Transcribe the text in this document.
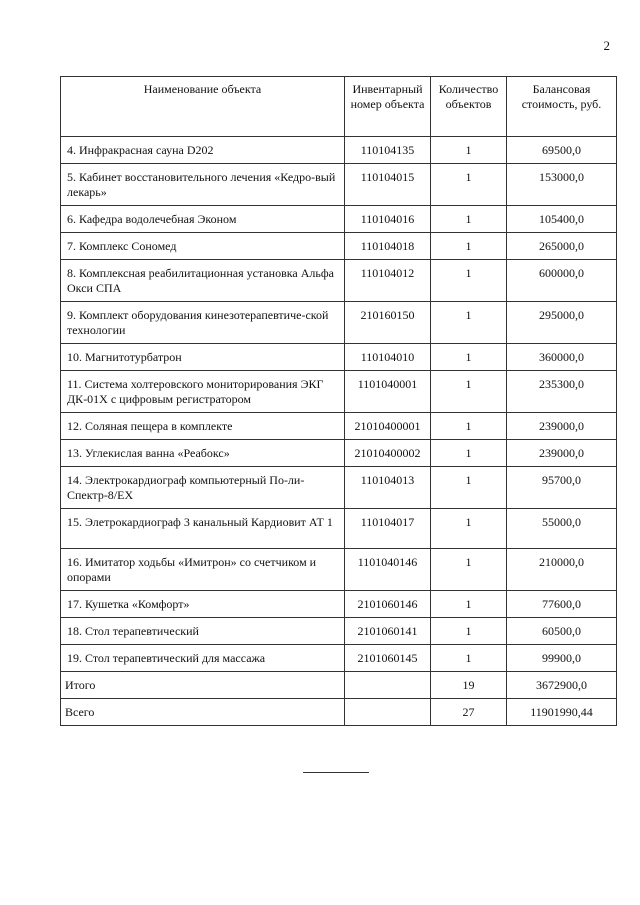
2
Наименование объекта	Инвентарный номер объекта	Количество объектов	Балансовая стоимость, руб.

4. Инфракрасная сауна D202	110104135	1	69500,0

5. Кабинет восстановительного лечения «Кедро-вый лекарь»	110104015	1	153000,0

6. Кафедра водолечебная Эконом	110104016	1	105400,0

7. Комплекс Сономед	110104018	1	265000,0

8. Комплексная реабилитационная установка Альфа Окси СПА	110104012	1	600000,0

9. Комплект оборудования кинезотерапевтиче-ской технологии	210160150	1	295000,0

10. Магнитотурбатрон	110104010	1	360000,0

11. Система холтеровского мониторирования ЭКГ ДК-01Х с цифровым регистратором	1101040001	1	235300,0

12. Соляная пещера в комплекте	21010400001	1	239000,0

13. Углекислая ванна «Реабокс»	21010400002	1	239000,0

14. Электрокардиограф компьютерный По-ли-Спектр-8/ЕХ	110104013	1	95700,0

15. Элетрокардиограф 3 канальный Кардиовит АТ 1	110104017	1	55000,0

16. Имитатор ходьбы «Имитрон» со счетчиком и опорами	1101040146	1	210000,0

17. Кушетка «Комфорт»	2101060146	1	77600,0

18. Стол терапевтический	2101060141	1	60500,0

19. Стол терапевтический для массажа	2101060145	1	99900,0
Итого		19	3672900,0
Всего		27	11901990,44
